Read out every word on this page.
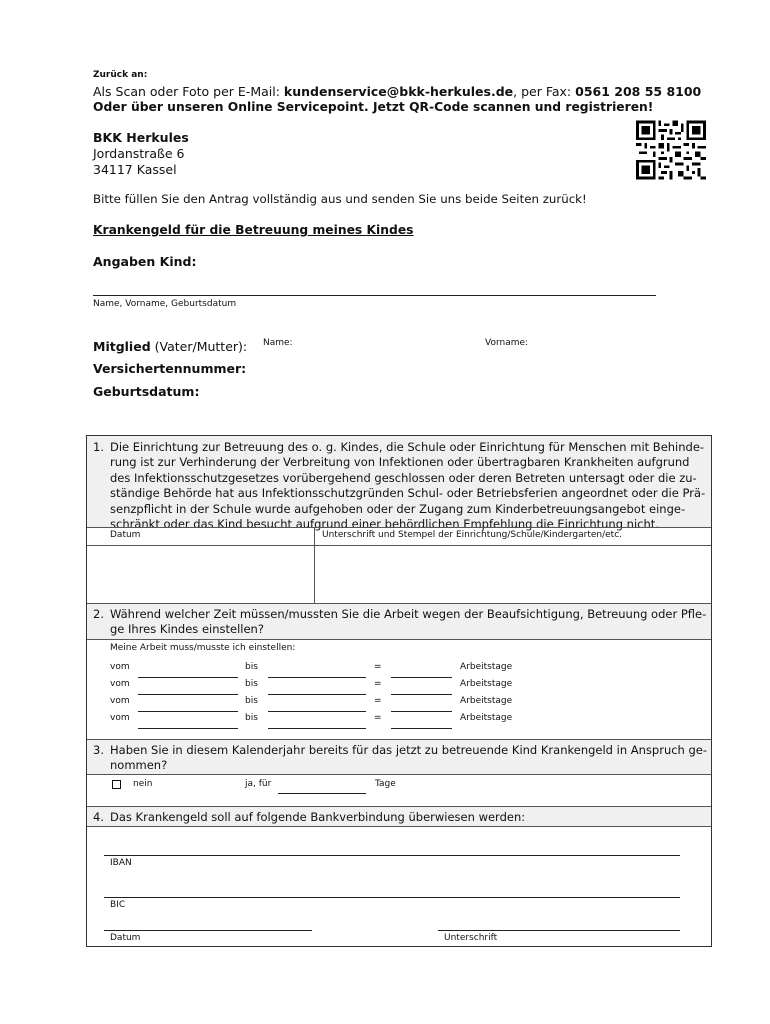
Zurück an:
Als Scan oder Foto per E-Mail: kundenservice@bkk-herkules.de, per Fax: 0561 208 55 8100
Oder über unseren Online Servicepoint. Jetzt QR-Code scannen und registrieren!
BKK Herkules
Jordanstraße 6
34117 Kassel
Bitte füllen Sie den Antrag vollständig aus und senden Sie uns beide Seiten zurück!
Krankengeld für die Betreuung meines Kindes
Angaben Kind:
Name, Vorname, Geburtsdatum
Mitglied (Vater/Mutter): Name:	Vorname:
Versichertennummer:
Geburtsdatum:
1. Die Einrichtung zur Betreuung des o. g. Kindes, die Schule oder Einrichtung für Menschen mit Behinde-
rung ist zur Verhinderung der Verbreitung von Infektionen oder übertragbaren Krankheiten aufgrund
des Infektionsschutzgesetzes vorübergehend geschlossen oder deren Betreten untersagt oder die zu-
ständige Behörde hat aus Infektionsschutzgründen Schul- oder Betriebsferien angeordnet oder die Prä-
senzpflicht in der Schule wurde aufgehoben oder der Zugang zum Kinderbetreuungsangebot einge-
schränkt oder das Kind besucht aufgrund einer behördlichen Empfehlung die Einrichtung nicht.
Datum	Unterschrift und Stempel der Einrichtung/Schule/Kindergarten/etc.
2. Während welcher Zeit müssen/mussten Sie die Arbeit wegen der Beaufsichtigung, Betreuung oder Pfle-
ge Ihres Kindes einstellen?
Meine Arbeit muss/musste ich einstellen:
vom	bis	=	Arbeitstage
vom	bis	=	Arbeitstage
vom	bis	=	Arbeitstage
vom	bis	=	Arbeitstage
3. Haben Sie in diesem Kalenderjahr bereits für das jetzt zu betreuende Kind Krankengeld in Anspruch ge-
nommen?
nein	ja, für	Tage
4. Das Krankengeld soll auf folgende Bankverbindung überwiesen werden:
IBAN
BIC
Datum	Unterschrift
